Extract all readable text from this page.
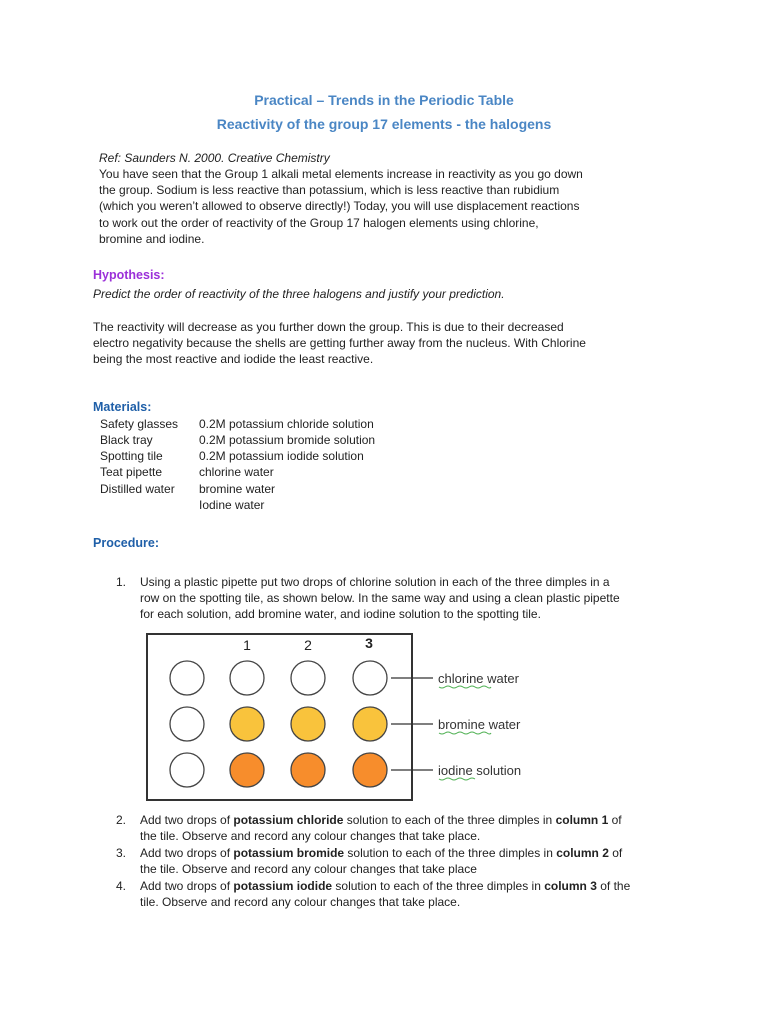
Practical – Trends in the Periodic Table
Reactivity of the group 17 elements - the halogens
Ref: Saunders N. 2000. Creative Chemistry
You have seen that the Group 1 alkali metal elements increase in reactivity as you go down
the group. Sodium is less reactive than potassium, which is less reactive than rubidium
(which you weren’t allowed to observe directly!) Today, you will use displacement reactions
to work out the order of reactivity of the Group 17 halogen elements using chlorine,
bromine and iodine.
Hypothesis:
Predict the order of reactivity of the three halogens and justify your prediction.
The reactivity will decrease as you further down the group. This is due to their decreased
electro negativity because the shells are getting further away from the nucleus. With Chlorine
being the most reactive and iodide the least reactive.
Materials:
Safety glasses
Black tray
Spotting tile
Teat pipette
Distilled water
0.2M potassium chloride solution
0.2M potassium bromide solution
0.2M potassium iodide solution
chlorine water
bromine water
Iodine water
Procedure:
1. Using a plastic pipette put two drops of chlorine solution in each of the three dimples in a
row on the spotting tile, as shown below. In the same way and using a clean plastic pipette
for each solution, add bromine water, and iodine solution to the spotting tile.
1	2	3
chlorine water
bromine water
iodine solution
2. Add two drops of potassium chloride solution to each of the three dimples in column 1 of
the tile. Observe and record any colour changes that take place.
3. Add two drops of potassium bromide solution to each of the three dimples in column 2 of
the tile. Observe and record any colour changes that take place
4. Add two drops of potassium iodide solution to each of the three dimples in column 3 of the
tile. Observe and record any colour changes that take place.
